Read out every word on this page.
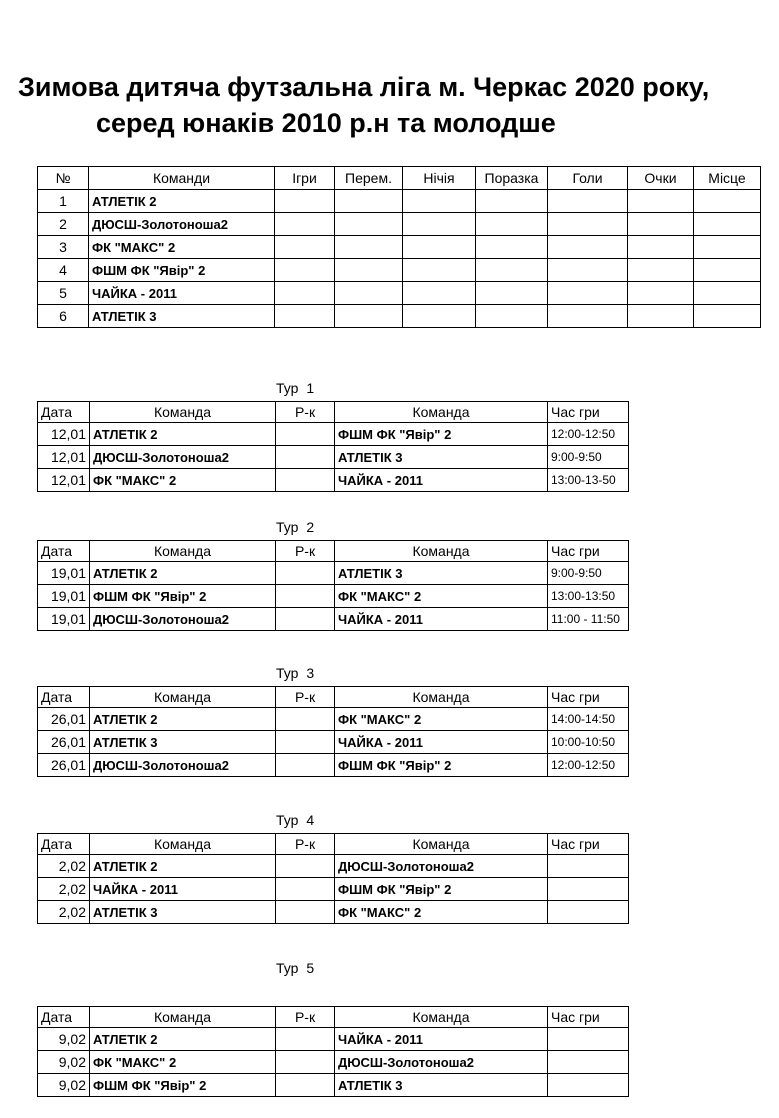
Зимова дитяча футзальна ліга м. Черкас 2020 року,
серед юнаків 2010 р.н та молодше
№	Команди	Ігри	Перем.	Нічія	Поразка	Голи	Очки	Місце
1	АТЛЕТІК 2							
2	ДЮСШ-Золотоноша2							
3	ФК "МАКС" 2							
4	ФШМ ФК "Явір" 2							
5	ЧАЙКА - 2011							
6	АТЛЕТІК 3							
Тур 1
Дата	Команда	Р-к	Команда	Час гри
12,01	АТЛЕТІК 2		ФШМ ФК "Явір" 2	12:00-12:50
12,01	ДЮСШ-Золотоноша2		АТЛЕТІК 3	9:00-9:50
12,01	ФК "МАКС" 2		ЧАЙКА - 2011	13:00-13-50
Тур 2
Дата	Команда	Р-к	Команда	Час гри
19,01	АТЛЕТІК 2		АТЛЕТІК 3	9:00-9:50
19,01	ФШМ ФК "Явір" 2		ФК "МАКС" 2	13:00-13:50
19,01	ДЮСШ-Золотоноша2		ЧАЙКА - 2011	11:00 - 11:50
Тур 3
Дата	Команда	Р-к	Команда	Час гри
26,01	АТЛЕТІК 2		ФК "МАКС" 2	14:00-14:50
26,01	АТЛЕТІК 3		ЧАЙКА - 2011	10:00-10:50
26,01	ДЮСШ-Золотоноша2		ФШМ ФК "Явір" 2	12:00-12:50
Тур 4
Дата	Команда	Р-к	Команда	Час гри
2,02	АТЛЕТІК 2		ДЮСШ-Золотоноша2	
2,02	ЧАЙКА - 2011		ФШМ ФК "Явір" 2	
2,02	АТЛЕТІК 3		ФК "МАКС" 2	
Тур 5
Дата	Команда	Р-к	Команда	Час гри
9,02	АТЛЕТІК 2		ЧАЙКА - 2011	
9,02	ФК "МАКС" 2		ДЮСШ-Золотоноша2	
9,02	ФШМ ФК "Явір" 2		АТЛЕТІК 3	
